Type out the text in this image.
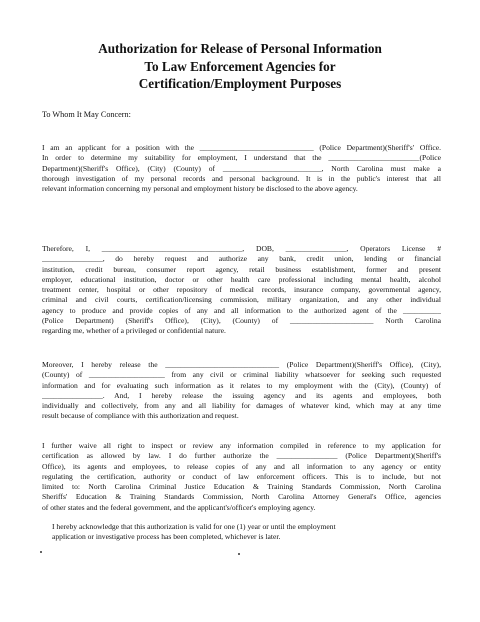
Authorization for Release of Personal Information
To Law Enforcement Agencies for
Certification/Employment Purposes
To Whom It May Concern:
I am an applicant for a position with the ______________________________ (Police Department)(Sheriff's' Office.
In order to determine my suitability for employment, I understand that the ________________________(Police
Department)(Sheriff's Office), (City) (County) of __________________________, North Carolina must make a
thorough investigation of my personal records and personal background. It is in the public's interest that all
relevant information concerning my personal and employment history be disclosed to the above agency.
Therefore, I, _____________________________________, DOB, ________________, Operators License #
________________, do hereby request and authorize any bank, credit union, lending or financial
institution, credit bureau, consumer report agency, retail business establishment, former and present
employer, educational institution, doctor or other health care professional including mental health, alcohol
treatment center, hospital or other repository of medical records, insurance company, governmental agency,
criminal and civil courts, certification/licensing commission, military organization, and any other individual
agency to produce and provide copies of any and all information to the authorized agent of the __________
(Police Department) (Sheriff's Office), (City), (County) of ______________________ North Carolina
regarding me, whether of a privileged or confidential nature.
Moreover, I hereby release the ______________________________ (Police Department)(Sheriff's Office), (City),
(County) of ____________________ from any civil or criminal liability whatsoever for seeking such requested
information and for evaluating such information as it relates to my employment with the (City), (County) of
________________. And, I hereby release the issuing agency and its agents and employees, both
individually and collectively, from any and all liability for damages of whatever kind, which may at any time
result because of compliance with this authorization and request.
I further waive all right to inspect or review any information compiled in reference to my application for
certification as allowed by law. I do further authorize the ________________ (Police Department)(Sheriff's
Office), its agents and employees, to release copies of any and all information to any agency or entity
regulating the certification, authority or conduct of law enforcement officers. This is to include, but not
limited to: North Carolina Criminal Justice Education & Training Standards Commission, North Carolina
Sheriffs' Education & Training Standards Commission, North Carolina Attorney General's Office, agencies
of other states and the federal government, and the applicant's/officer's employing agency.
I hereby acknowledge that this authorization is valid for one (1) year or until the employment
application or investigative process has been completed, whichever is later.
